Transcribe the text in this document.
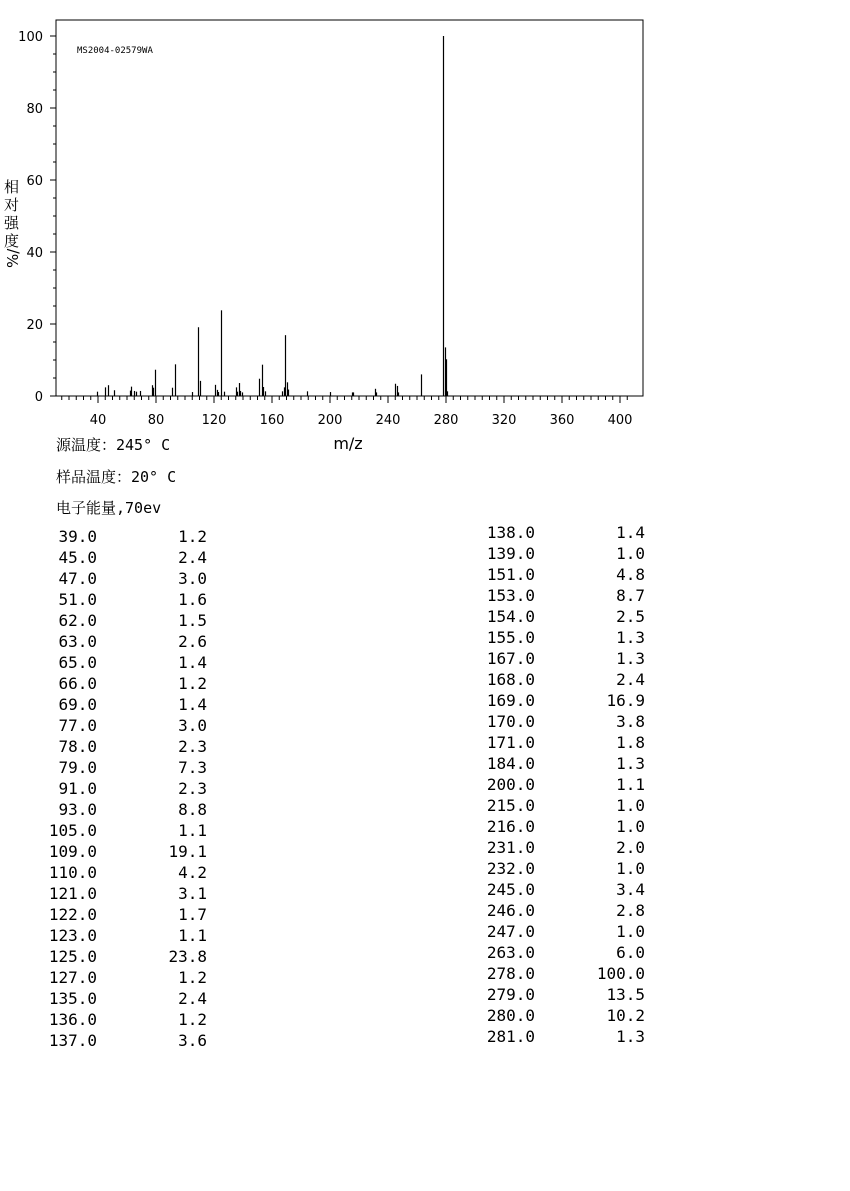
MS2004-02579WA
0
20
40
60
80
100
40	80	120	160	200	240	280	320	360	400
相
对
强
度
%/
m/z
源温度：245° C
样品温度：20° C
电子能量,70ev
39.0	1.2
45.0	2.4
47.0	3.0
51.0	1.6
62.0	1.5
63.0	2.6
65.0	1.4
66.0	1.2
69.0	1.4
77.0	3.0
78.0	2.3
79.0	7.3
91.0	2.3
93.0	8.8
105.0	1.1
109.0	19.1
110.0	4.2
121.0	3.1
122.0	1.7
123.0	1.1
125.0	23.8
127.0	1.2
135.0	2.4
136.0	1.2
137.0	3.6
138.0	1.4
139.0	1.0
151.0	4.8
153.0	8.7
154.0	2.5
155.0	1.3
167.0	1.3
168.0	2.4
169.0	16.9
170.0	3.8
171.0	1.8
184.0	1.3
200.0	1.1
215.0	1.0
216.0	1.0
231.0	2.0
232.0	1.0
245.0	3.4
246.0	2.8
247.0	1.0
263.0	6.0
278.0	100.0
279.0	13.5
280.0	10.2
281.0	1.3
